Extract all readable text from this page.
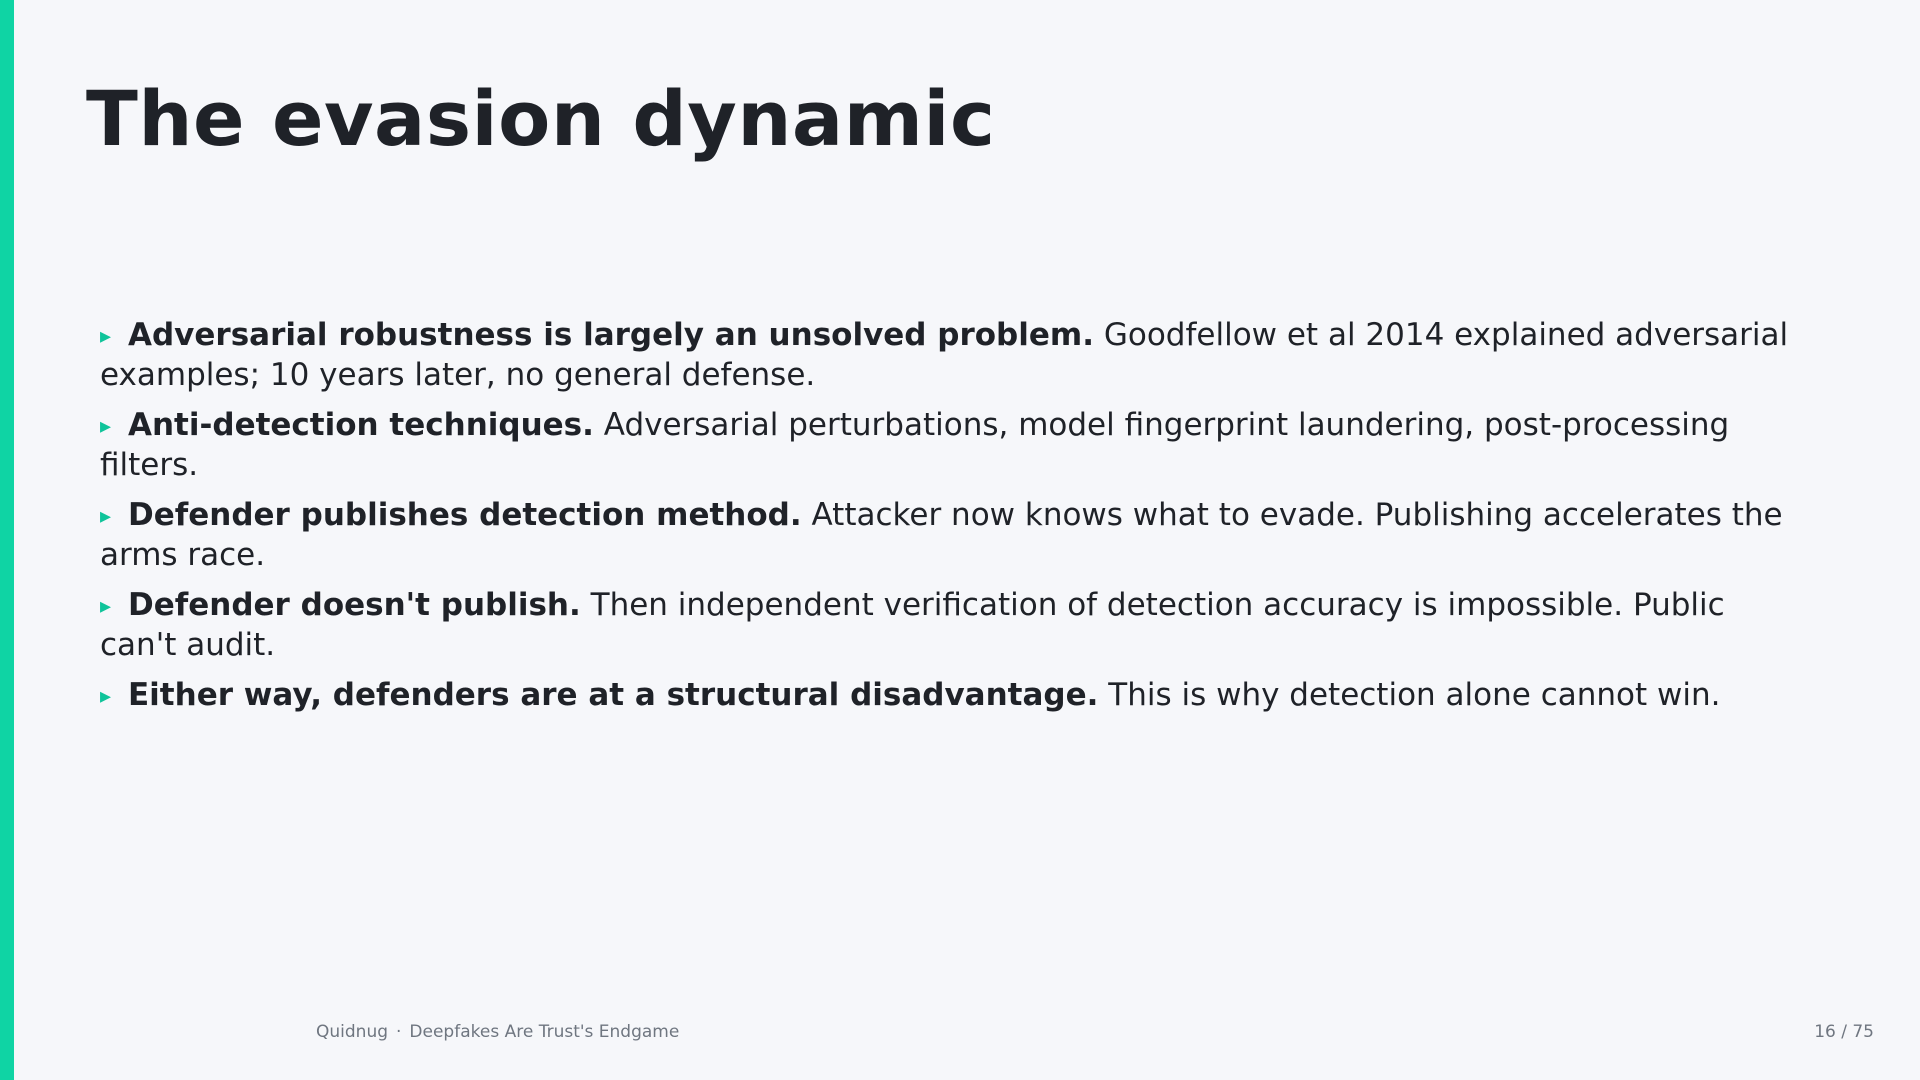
The evasion dynamic
▸ Adversarial robustness is largely an unsolved problem. Goodfellow et al 2014 explained adversarial examples; 10 years later, no general defense.
▸ Anti-detection techniques. Adversarial perturbations, model fingerprint laundering, post-processing filters.
▸ Defender publishes detection method. Attacker now knows what to evade. Publishing accelerates the arms race.
▸ Defender doesn't publish. Then independent verification of detection accuracy is impossible. Public can't audit.
▸ Either way, defenders are at a structural disadvantage. This is why detection alone cannot win.
Quidnug · Deepfakes Are Trust's Endgame	16 / 75
